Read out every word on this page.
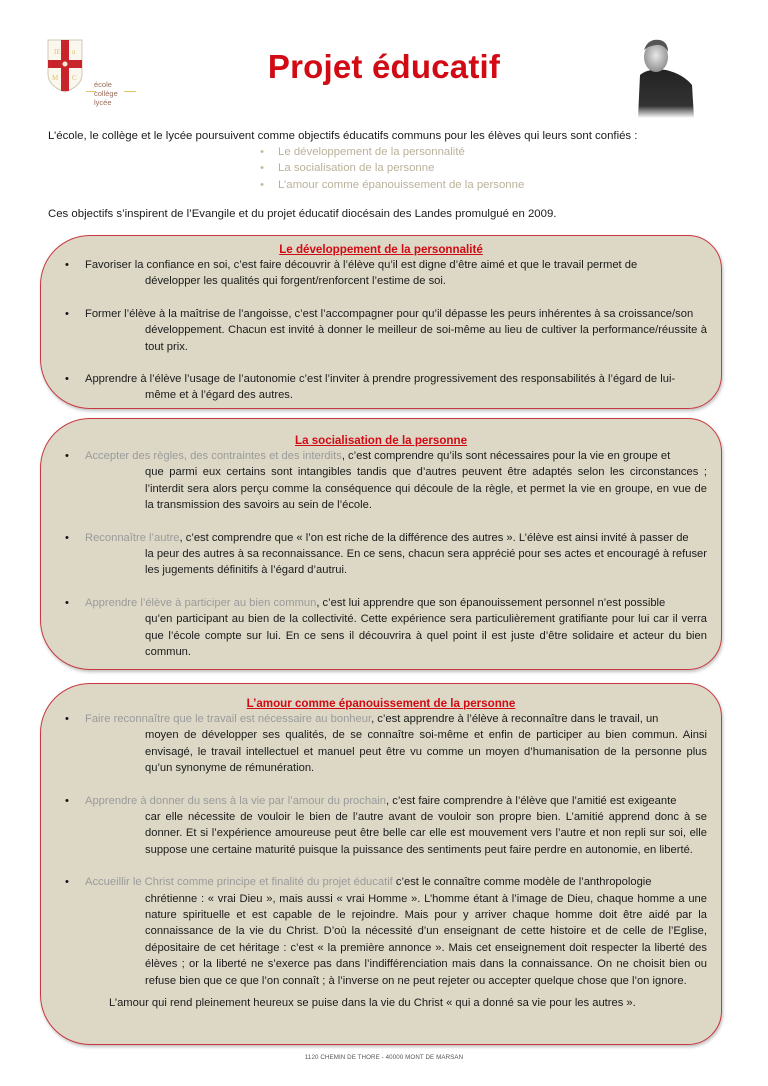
IE u
M C
école
collège
lycée
Projet éducatif
L’école, le collège et le lycée poursuivent comme objectifs éducatifs communs pour les élèves qui leurs sont confiés :
• Le développement de la personnalité
• La socialisation de la personne
• L’amour comme épanouissement de la personne
Ces objectifs s’inspirent de l’Evangile et du projet éducatif diocésain des Landes promulgué en 2009.
Le développement de la personnalité
• Favoriser la confiance en soi, c’est faire découvrir à l’élève qu’il est digne d’être aimé et que le travail permet de
développer les qualités qui forgent/renforcent l’estime de soi.
• Former l’élève à la maîtrise de l’angoisse, c’est l’accompagner pour qu’il dépasse les peurs inhérentes à sa croissance/son
développement. Chacun est invité à donner le meilleur de soi-même au lieu de cultiver la performance/réussite à tout prix.
• Apprendre à l’élève l’usage de l’autonomie c’est l’inviter à prendre progressivement des responsabilités à l’égard de lui-
même et à l’égard des autres.
La socialisation de la personne
• Accepter des règles, des contraintes et des interdits, c’est comprendre qu’ils sont nécessaires pour la vie en groupe et
que parmi eux certains sont intangibles tandis que d’autres peuvent être adaptés selon les circonstances ; l’interdit sera alors perçu comme la conséquence qui découle de la règle, et permet la vie en groupe, en vue de la transmission des savoirs au sein de l’école.
• Reconnaître l’autre, c’est comprendre que « l’on est riche de la différence des autres ». L’élève est ainsi invité à passer de
la peur des autres à sa reconnaissance. En ce sens, chacun sera apprécié pour ses actes et encouragé à refuser les jugements définitifs à l’égard d’autrui.
• Apprendre l’élève à participer au bien commun, c’est lui apprendre que son épanouissement personnel n’est possible
qu’en participant au bien de la collectivité. Cette expérience sera particulièrement gratifiante pour lui car il verra que l’école compte sur lui. En ce sens il découvrira à quel point il est juste d’être solidaire et acteur du bien commun.
L’amour comme épanouissement de la personne
• Faire reconnaître que le travail est nécessaire au bonheur, c’est apprendre à l’élève à reconnaître dans le travail, un
moyen de développer ses qualités, de se connaître soi-même et enfin de participer au bien commun. Ainsi envisagé, le travail intellectuel et manuel peut être vu comme un moyen d’humanisation de la personne plus qu’un synonyme de rémunération.
• Apprendre à donner du sens à la vie par l’amour du prochain, c’est faire comprendre à l’élève que l’amitié est exigeante
car elle nécessite de vouloir le bien de l’autre avant de vouloir son propre bien. L’amitié apprend donc à se donner. Et si l’expérience amoureuse peut être belle car elle est mouvement vers l’autre et non repli sur soi, elle suppose une certaine maturité puisque la puissance des sentiments peut faire perdre en autonomie, en liberté.
• Accueillir le Christ comme principe et finalité du projet éducatif c’est le connaître comme modèle de l’anthropologie
chrétienne : « vrai Dieu », mais aussi « vrai Homme ». L’homme étant à l’image de Dieu, chaque homme a une nature spirituelle et est capable de le rejoindre. Mais pour y arriver chaque homme doit être aidé par la connaissance de la vie du Christ. D’où la nécessité d’un enseignant de cette histoire et de celle de l’Eglise, dépositaire de cet héritage : c’est « la première annonce ». Mais cet enseignement doit respecter la liberté des élèves ; or la liberté ne s’exerce pas dans l’indifférenciation mais dans la connaissance. On ne choisit bien ou refuse bien que ce que l’on connaît ; à l’inverse on ne peut rejeter ou accepter quelque chose que l’on ignore.
L’amour qui rend pleinement heureux se puise dans la vie du Christ « qui a donné sa vie pour les autres ».
1120 CHEMIN DE THORE - 40000 MONT DE MARSAN
